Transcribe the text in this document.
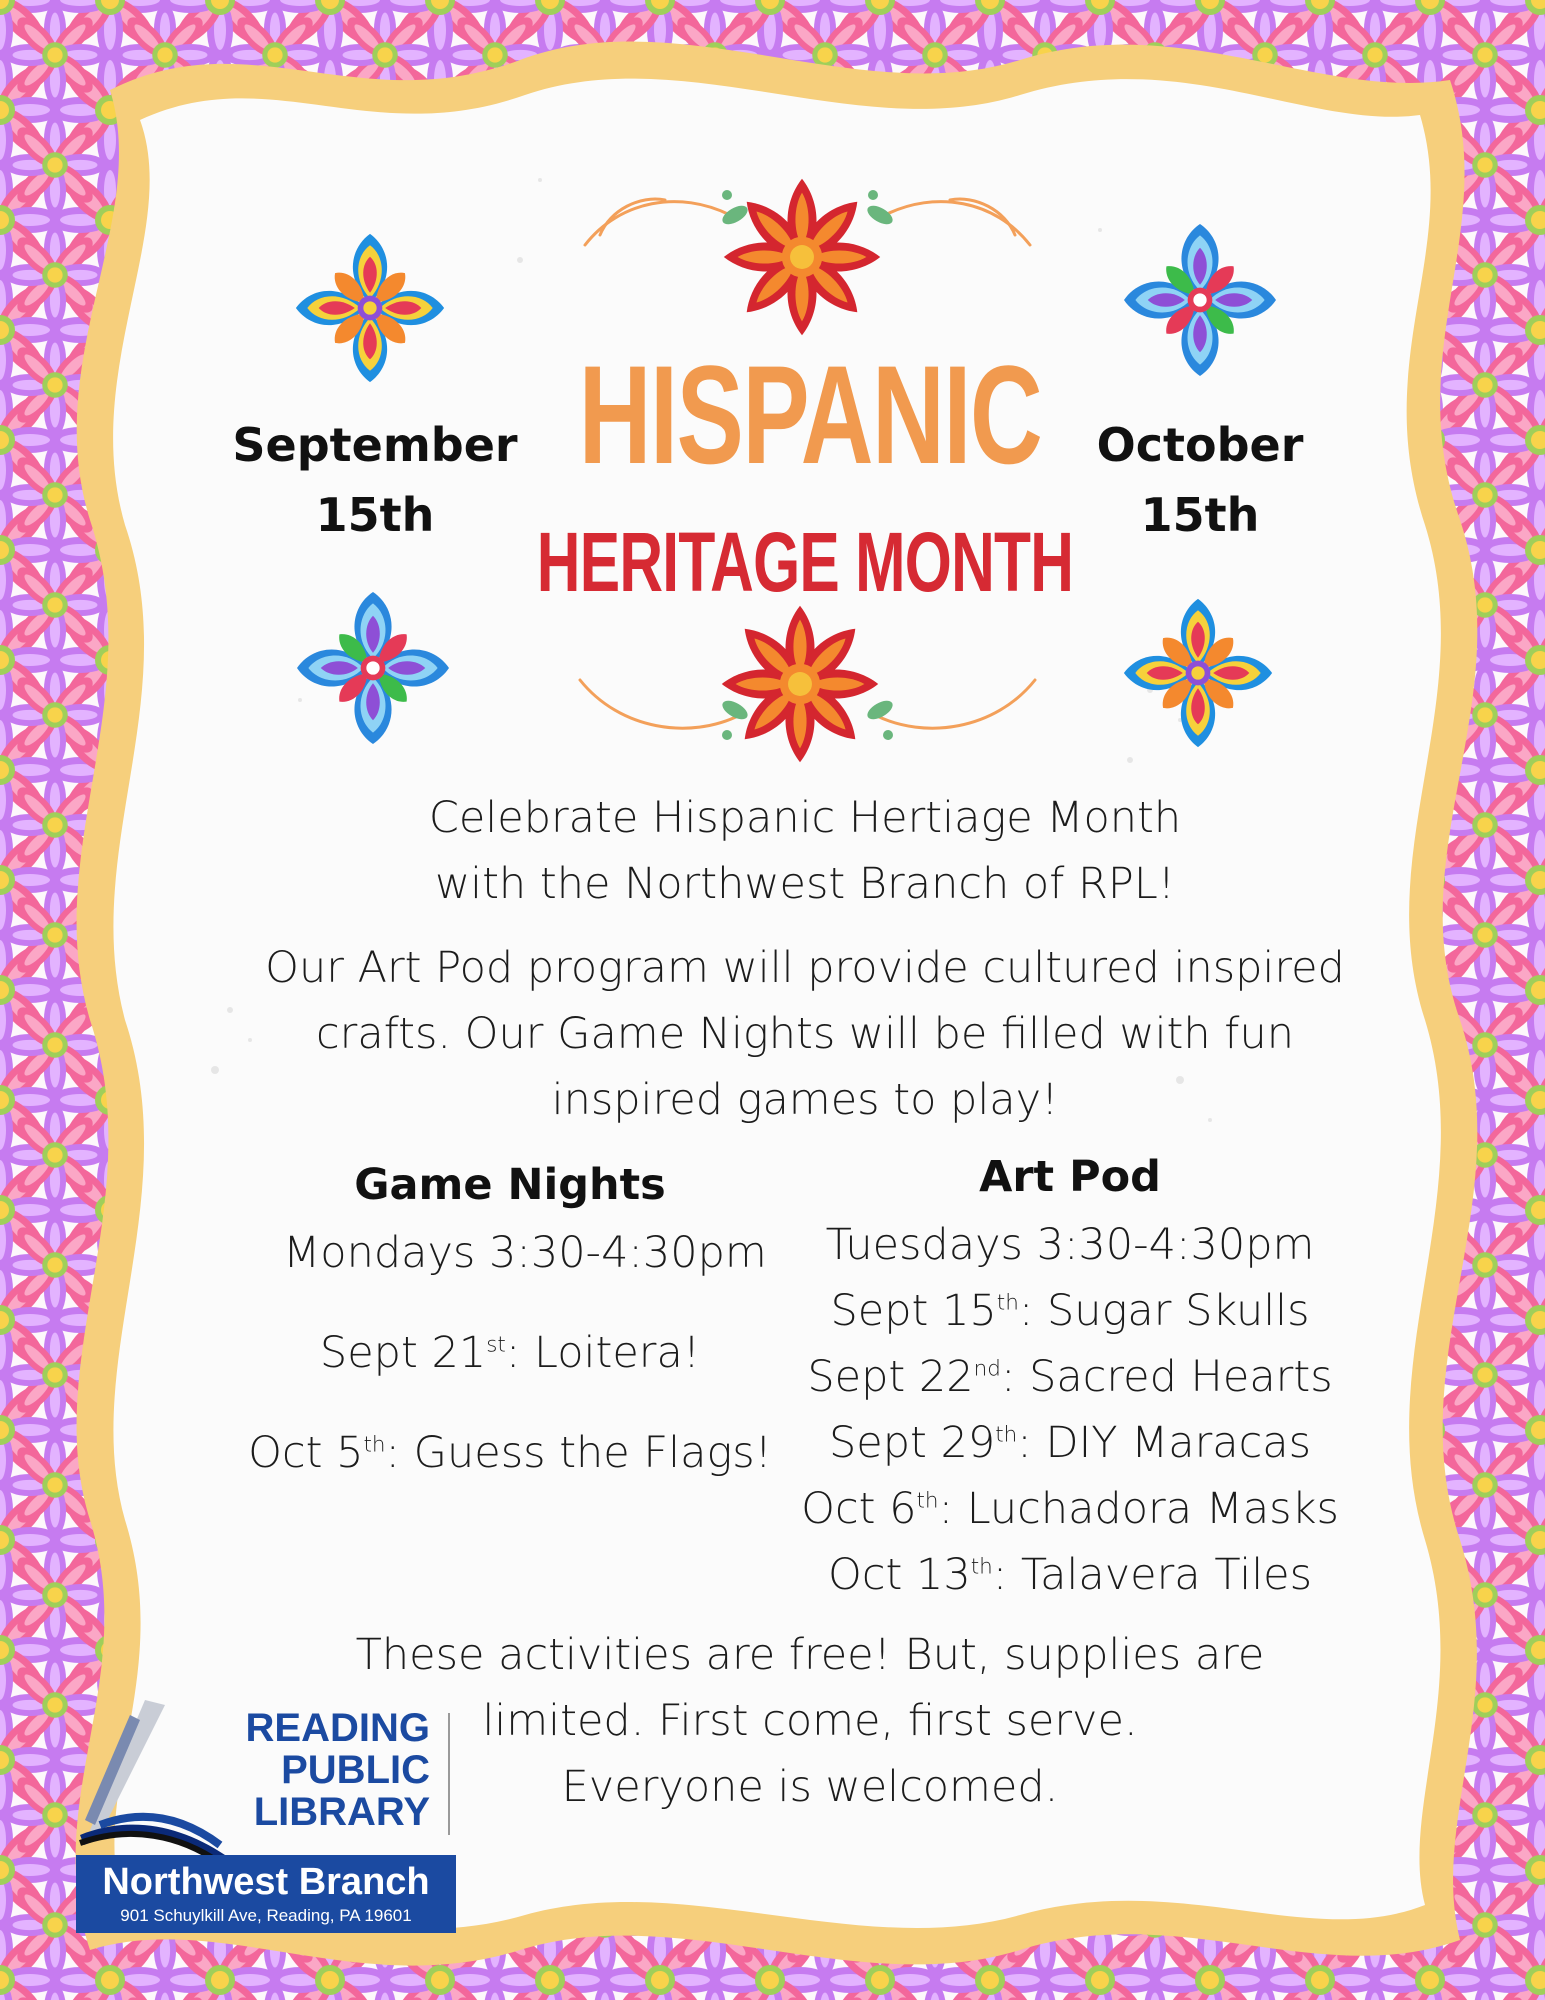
September
15th
October
15th
HISPANIC
HERITAGE MONTH
Celebrate Hispanic Hertiage Month
with the Northwest Branch of RPL!
Our Art Pod program will provide cultured inspired
crafts. Our Game Nights will be filled with fun
inspired games to play!
Game Nights
Mondays 3:30-4:30pm
Sept 21st: Loitera!
Oct 5th: Guess the Flags!
Art Pod
Tuesdays 3:30-4:30pm
Sept 15th: Sugar Skulls
Sept 22nd: Sacred Hearts
Sept 29th: DIY Maracas
Oct 6th: Luchadora Masks
Oct 13th: Talavera Tiles
These activities are free! But, supplies are
limited. First come, first serve.
Everyone is welcomed.
READING
PUBLIC
LIBRARY
Northwest Branch
901 Schuylkill Ave, Reading, PA 19601
